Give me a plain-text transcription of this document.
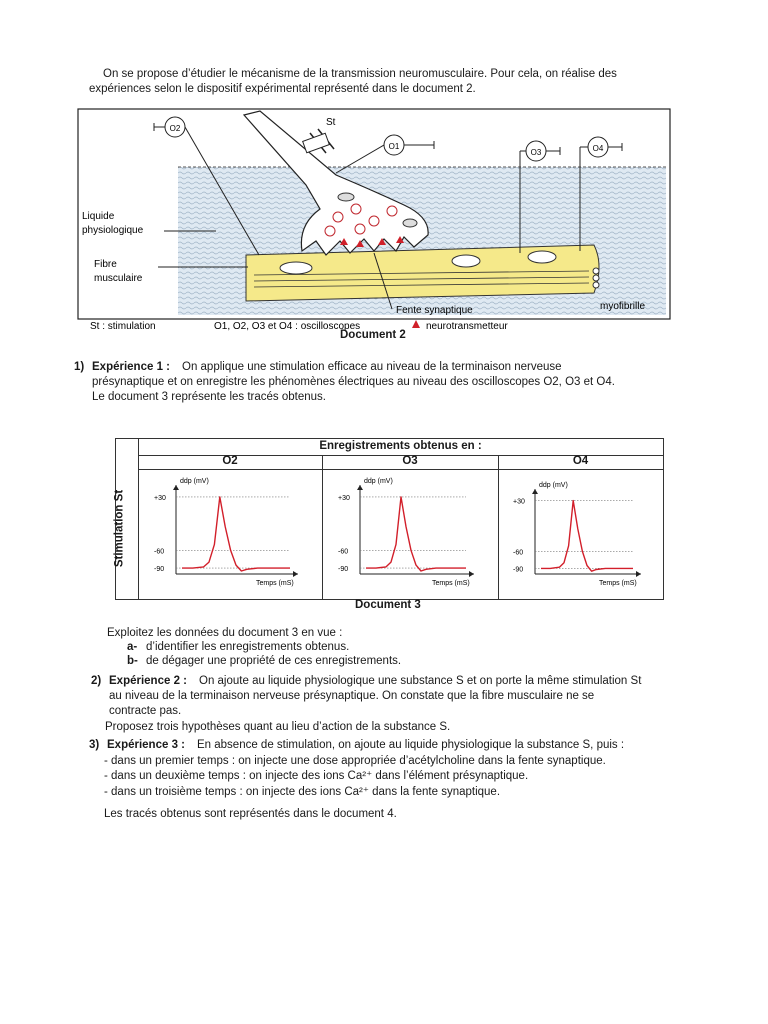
On se propose d’étudier le mécanisme de la transmission neuromusculaire. Pour cela, on réalise des
expériences selon le dispositif expérimental représenté dans le document 2.
St
O2
O1
O3	O4
Liquide
physiologique
Fibre
musculaire
Fente synaptique	myofibrille
St : stimulation	O1, O2, O3 et O4 : oscilloscopes	neurotransmetteur
Document 2
1) Expérience 1 : On applique une stimulation efficace au niveau de la terminaison nerveuse
présynaptique et on enregistre les phénomènes électriques au niveau des oscilloscopes O2, O3 et O4.
Le document 3 représente les tracés obtenus.
Enregistrements obtenus en :
Stimulation St
O2	O3	O4
ddp (mV)
Temps (mS)
+30
-60
-90
ddp (mV)
Temps (mS)
+30
-60
-90
ddp (mV)
Temps (mS)
+30
-60
-90
Document 3
Exploitez les données du document 3 en vue :
a- d’identifier les enregistrements obtenus.
b- de dégager une propriété de ces enregistrements.
2) Expérience 2 : On ajoute au liquide physiologique une substance S et on porte la même stimulation St
au niveau de la terminaison nerveuse présynaptique. On constate que la fibre musculaire ne se
contracte pas.
Proposez trois hypothèses quant au lieu d’action de la substance S.
3) Expérience 3 : En absence de stimulation, on ajoute au liquide physiologique la substance S, puis :
- dans un premier temps : on injecte une dose appropriée d’acétylcholine dans la fente synaptique.
- dans un deuxième temps : on injecte des ions Ca²⁺ dans l’élément présynaptique.
- dans un troisième temps : on injecte des ions Ca²⁺ dans la fente synaptique.
Les tracés obtenus sont représentés dans le document 4.
